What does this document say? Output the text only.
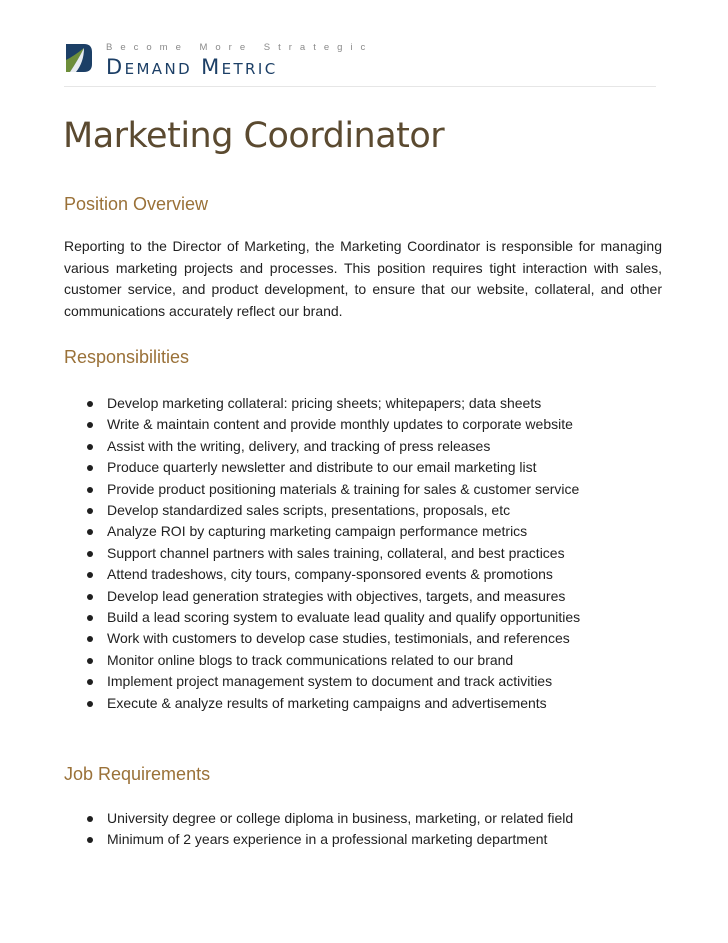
Become More Strategic
Demand Metric
Marketing Coordinator
Position Overview

Reporting to the Director of Marketing, the Marketing Coordinator is responsible for managing various marketing projects and processes. This position requires tight interaction with sales, customer service, and product development, to ensure that our website, collateral, and other communications accurately reflect our brand.

Responsibilities
Develop marketing collateral: pricing sheets; whitepapers; data sheets
Write & maintain content and provide monthly updates to corporate website
Assist with the writing, delivery, and tracking of press releases
Produce quarterly newsletter and distribute to our email marketing list
Provide product positioning materials & training for sales & customer service
Develop standardized sales scripts, presentations, proposals, etc
Analyze ROI by capturing marketing campaign performance metrics
Support channel partners with sales training, collateral, and best practices
Attend tradeshows, city tours, company-sponsored events & promotions
Develop lead generation strategies with objectives, targets, and measures
Build a lead scoring system to evaluate lead quality and qualify opportunities
Work with customers to develop case studies, testimonials, and references
Monitor online blogs to track communications related to our brand
Implement project management system to document and track activities
Execute & analyze results of marketing campaigns and advertisements
Job Requirements
University degree or college diploma in business, marketing, or related field
Minimum of 2 years experience in a professional marketing department
